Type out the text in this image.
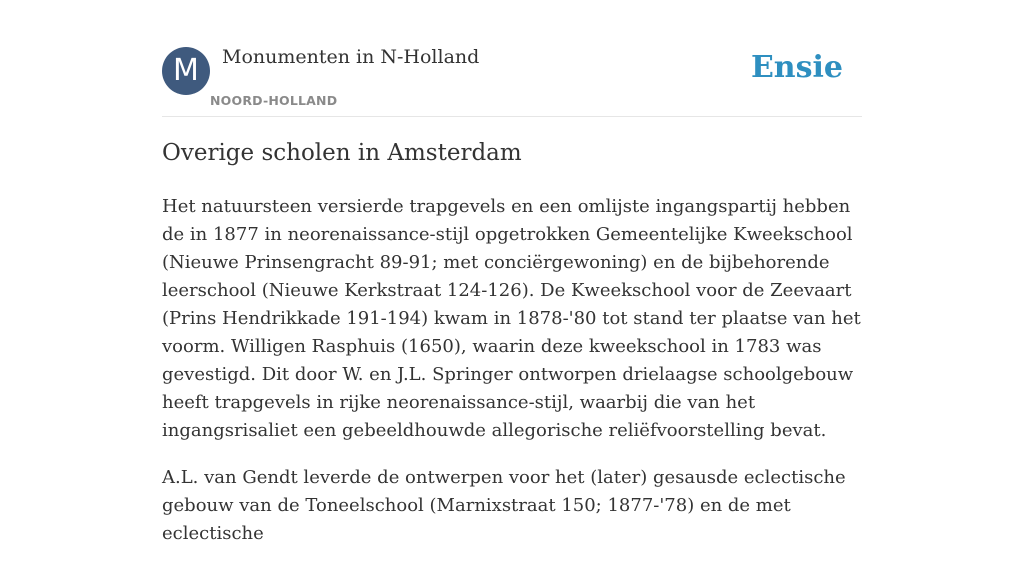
M	Monumenten in N-Holland
NOORD-HOLLAND
Ensie
Overige scholen in Amsterdam

Het natuursteen versierde trapgevels en een omlijste ingangspartij hebben de in 1877 in neorenaissance-stijl opgetrokken Gemeentelijke Kweekschool (Nieuwe Prinsengracht 89-91; met conciërgewoning) en de bijbehorende leerschool (Nieuwe Kerkstraat 124-126). De Kweekschool voor de Zeevaart (Prins Hendrikkade 191-194) kwam in 1878-'80 tot stand ter plaatse van het voorm. Willigen Rasphuis (1650), waarin deze kweekschool in 1783 was gevestigd. Dit door W. en J.L. Springer ontworpen drielaagse schoolgebouw heeft trapgevels in rijke neorenaissance-stijl, waarbij die van het ingangsrisaliet een gebeeldhouwde allegorische reliëfvoorstelling bevat.

A.L. van Gendt leverde de ontwerpen voor het (later) gesausde eclectische gebouw van de Toneelschool (Marnixstraat 150; 1877-'78) en de met eclectische
